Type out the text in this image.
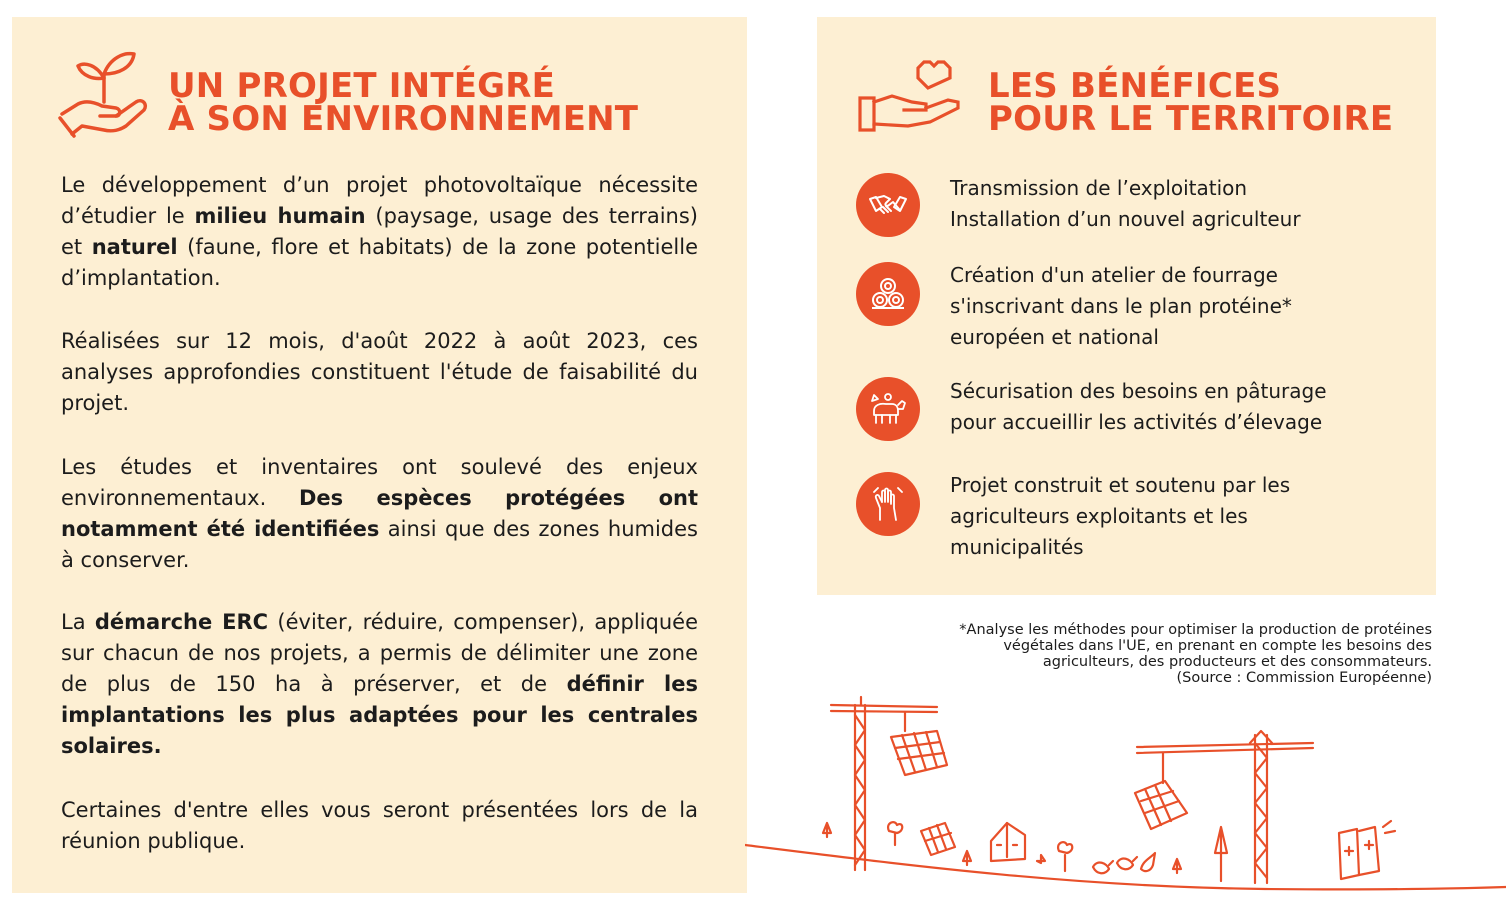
UN PROJET INTÉGRÉ
À SON ENVIRONNEMENT

Le développement d’un projet photovoltaïque nécessite d’étudier le milieu humain (paysage, usage des terrains) et naturel (faune, flore et habitats) de la zone potentielle d’implantation.

Réalisées sur 12 mois, d'août 2022 à août 2023, ces analyses approfondies constituent l'étude de faisabilité du projet.

Les études et inventaires ont soulevé des enjeux environnementaux. Des espèces protégées ont notamment été identifiées ainsi que des zones humides à conserver.

La démarche ERC (éviter, réduire, compenser), appliquée sur chacun de nos projets, a permis de délimiter une zone de plus de 150 ha à préserver, et de définir les implantations les plus adaptées pour les centrales solaires.

Certaines d'entre elles vous seront présentées lors de la réunion publique.

LES BÉNÉFICES
POUR LE TERRITOIRE
Transmission de l’exploitation
Installation d’un nouvel agriculteur
Création d'un atelier de fourrage
s'inscrivant dans le plan protéine*
européen et national
Sécurisation des besoins en pâturage
pour accueillir les activités d’élevage
Projet construit et soutenu par les
agriculteurs exploitants et les
municipalités
*Analyse les méthodes pour optimiser la production de protéines
végétales dans l'UE, en prenant en compte les besoins des
agriculteurs, des producteurs et des consommateurs.
(Source : Commission Européenne)
